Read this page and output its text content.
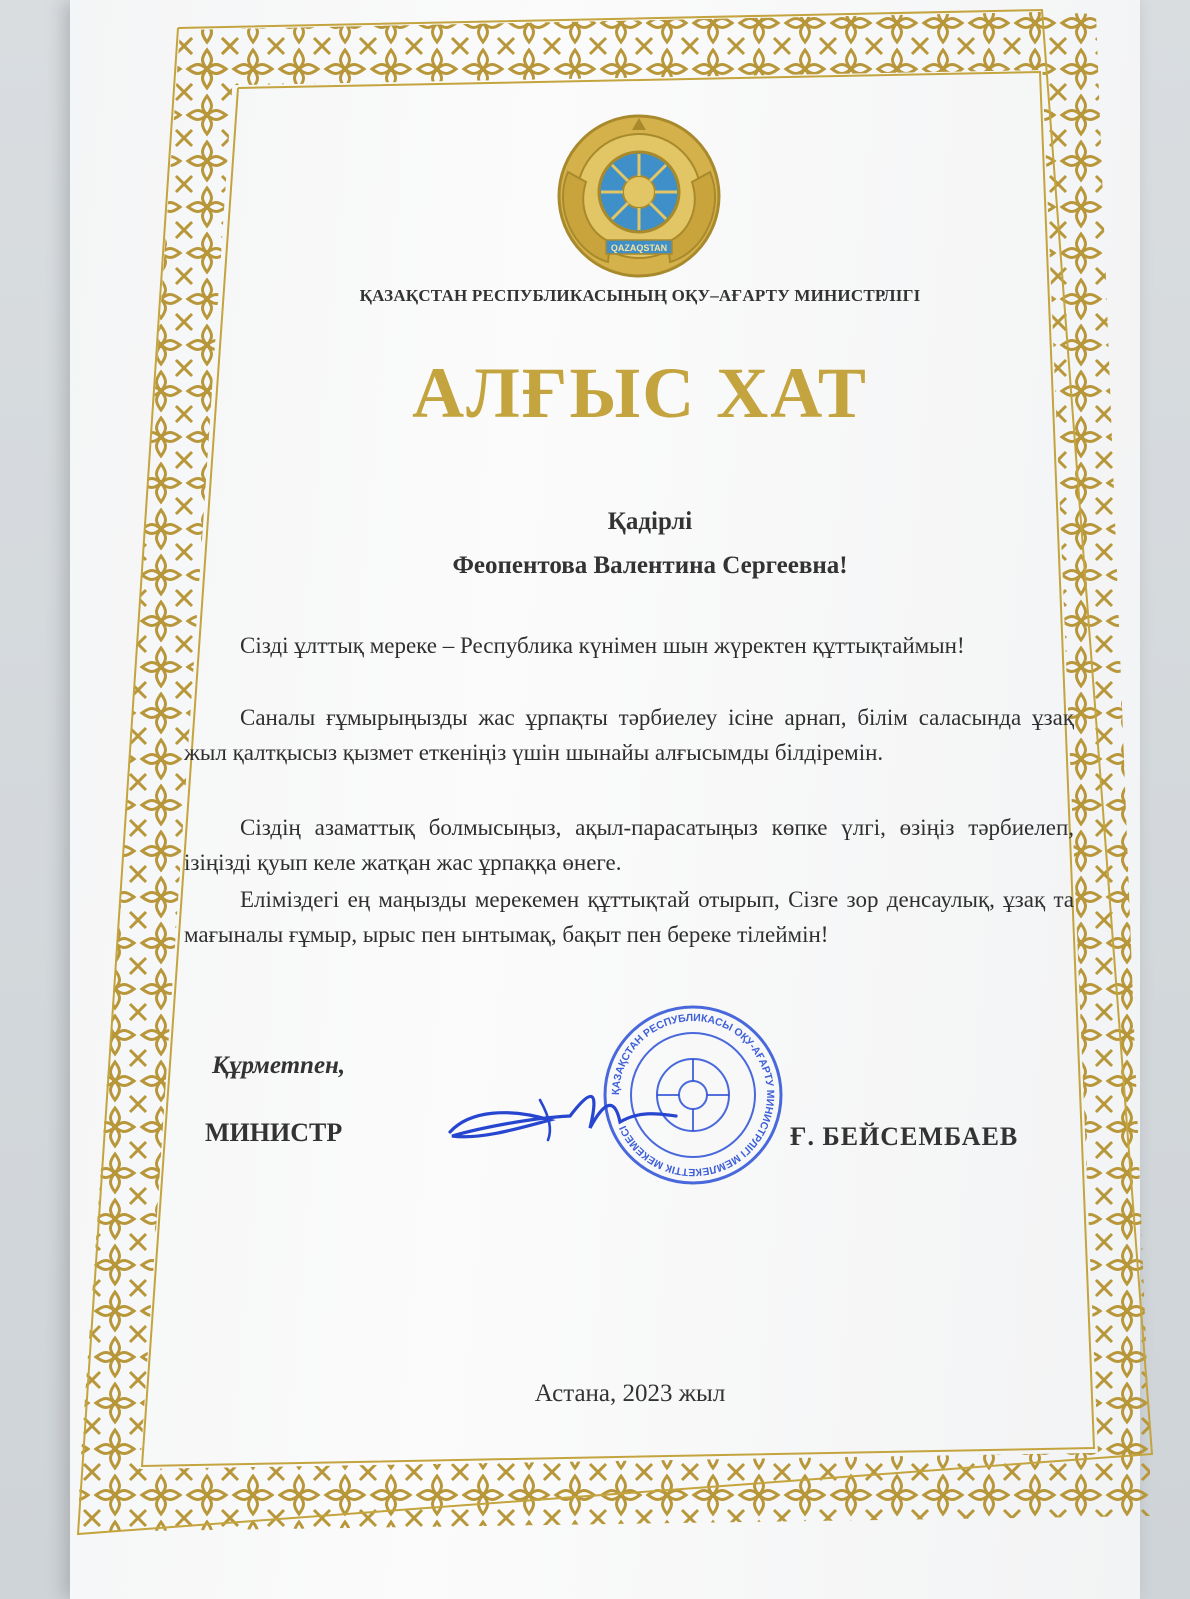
QAZAQSTAN
ҚАЗАҚСТАН РЕСПУБЛИКАСЫНЫҢ ОҚУ–АҒАРТУ МИНИСТРЛІГІ
АЛҒЫС ХАТ
Қадірлі
Феопентова Валентина Сергеевна!

Сізді ұлттық мереке – Республика күнімен шын жүректен құттықтаймын!

Саналы ғұмырыңызды жас ұрпақты тәрбиелеу ісіне арнап, білім саласында ұзақ жыл қалтқысыз қызмет еткеніңіз үшін шынайы алғысымды білдіремін.

Сіздің азаматтық болмысыңыз, ақыл-парасатыңыз көпке үлгі, өзіңіз тәрбиелеп, ізіңізді қуып келе жатқан жас ұрпаққа өнеге.

Еліміздегі ең маңызды мерекемен құттықтай отырып, Сізге зор денсаулық, ұзақ та мағыналы ғұмыр, ырыс пен ынтымақ, бақыт пен береке тілеймін!

Құрметпен,
МИНИСТР
ҚАЗАҚСТАН РЕСПУБЛИКАСЫ ОҚУ-АҒАРТУ МИНИСТРЛІГІ МЕМЛЕКЕТТІК МЕКЕМЕСІ	Ғ. БЕЙСЕМБАЕВ
Астана, 2023 жыл
